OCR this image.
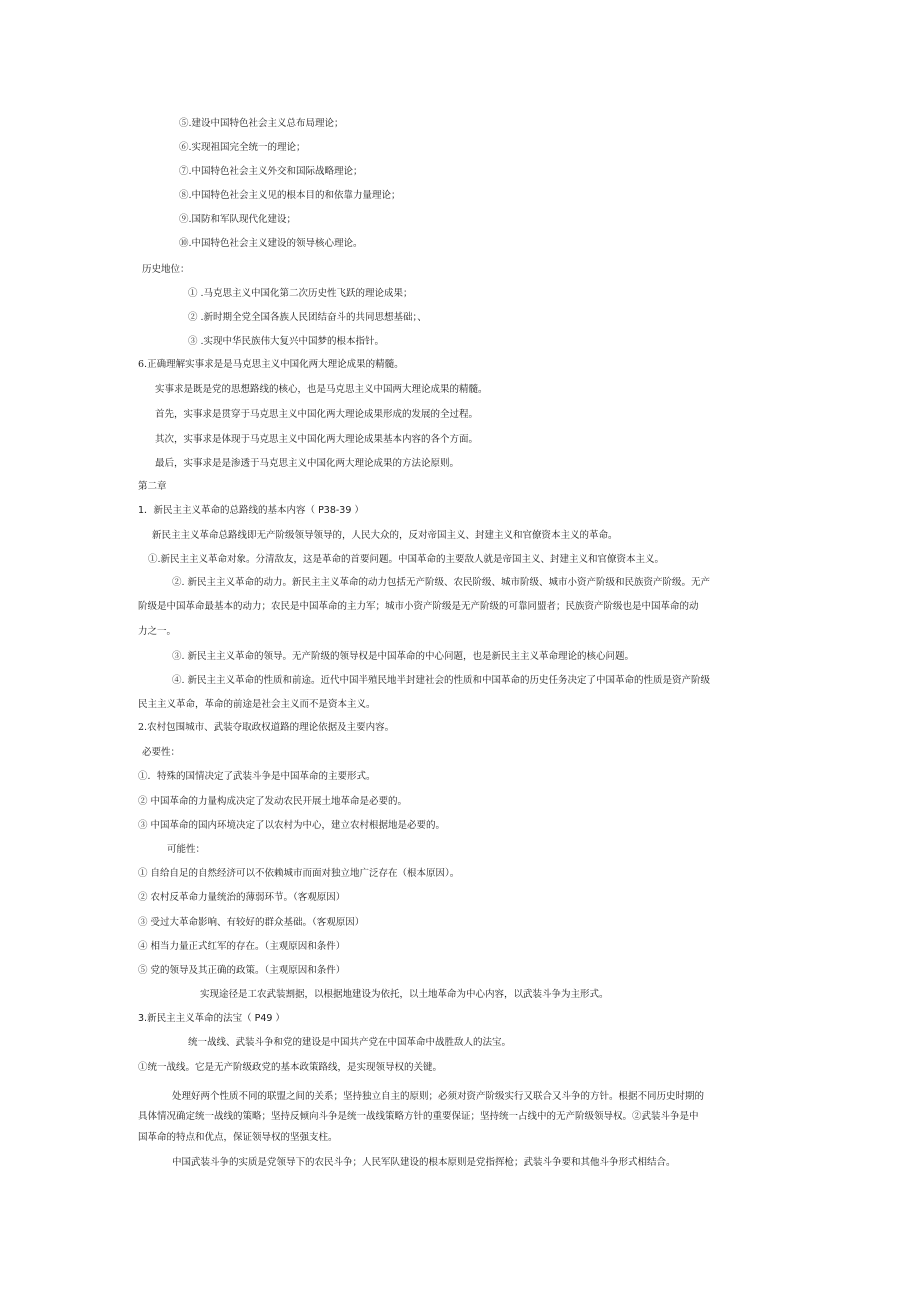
⑤.建设中国特色社会主义总布局理论；
⑥.实现祖国完全统一的理论；
⑦.中国特色社会主义外交和国际战略理论；
⑧.中国特色社会主义见的根本目的和依靠力量理论；
⑨.国防和军队现代化建设；
⑩.中国特色社会主义建设的领导核心理论。
历史地位：
① .马克思主义中国化第二次历史性飞跃的理论成果；
② .新时期全党全国各族人民团结奋斗的共同思想基础；、
③ .实现中华民族伟大复兴中国梦的根本指针。
6.正确理解实事求是是马克思主义中国化两大理论成果的精髓。
实事求是既是党的思想路线的核心，也是马克思主义中国两大理论成果的精髓。
首先，实事求是贯穿于马克思主义中国化两大理论成果形成的发展的全过程。
其次，实事求是体现于马克思主义中国化两大理论成果基本内容的各个方面。
最后，实事求是是渗透于马克思主义中国化两大理论成果的方法论原则。
第二章
1．新民主主义革命的总路线的基本内容（ P38-39 ）
新民主主义革命总路线即无产阶级领导领导的，人民大众的，反对帝国主义、封建主义和官僚资本主义的革命。
①.新民主主义革命对象。分清敌友，这是革命的首要问题。中国革命的主要敌人就是帝国主义、封建主义和官僚资本主义。
②. 新民主主义革命的动力。新民主主义革命的动力包括无产阶级、农民阶级、城市阶级、城市小资产阶级和民族资产阶级。无产
阶级是中国革命最基本的动力；农民是中国革命的主力军；城市小资产阶级是无产阶级的可靠同盟者；民族资产阶级也是中国革命的动
力之一。
③. 新民主主义革命的领导。无产阶级的领导权是中国革命的中心问题，也是新民主主义革命理论的核心问题。
④. 新民主主义革命的性质和前途。近代中国半殖民地半封建社会的性质和中国革命的历史任务决定了中国革命的性质是资产阶级
民主主义革命，革命的前途是社会主义而不是资本主义。
2.农村包围城市、武装夺取政权道路的理论依据及主要内容。
必要性：
①．特殊的国情决定了武装斗争是中国革命的主要形式。
② 中国革命的力量构成决定了发动农民开展土地革命是必要的。
③ 中国革命的国内环境决定了以农村为中心，建立农村根据地是必要的。
可能性：
① 自给自足的自然经济可以不依赖城市而面对独立地广泛存在（根本原因）。
② 农村反革命力量统治的薄弱环节。（客观原因）
③ 受过大革命影响、有较好的群众基础。（客观原因）
④ 相当力量正式红军的存在。（主观原因和条件）
⑤ 党的领导及其正确的政策。（主观原因和条件）
实现途径是工农武装割据，以根据地建设为依托，以土地革命为中心内容，以武装斗争为主形式。
3.新民主主义革命的法宝（ P49 ）
统一战线、武装斗争和党的建设是中国共产党在中国革命中战胜敌人的法宝。
①统一战线。它是无产阶级政党的基本政策路线，是实现领导权的关键。
处理好两个性质不同的联盟之间的关系；坚持独立自主的原则；必须对资产阶级实行又联合又斗争的方针。根据不同历史时期的
具体情况确定统一战线的策略；坚持反倾向斗争是统一战线策略方针的重要保证；坚持统一占线中的无产阶级领导权。②武装斗争是中
国革命的特点和优点，保证领导权的坚强支柱。
中国武装斗争的实质是党领导下的农民斗争；人民军队建设的根本原则是党指挥枪；武装斗争要和其他斗争形式相结合。
